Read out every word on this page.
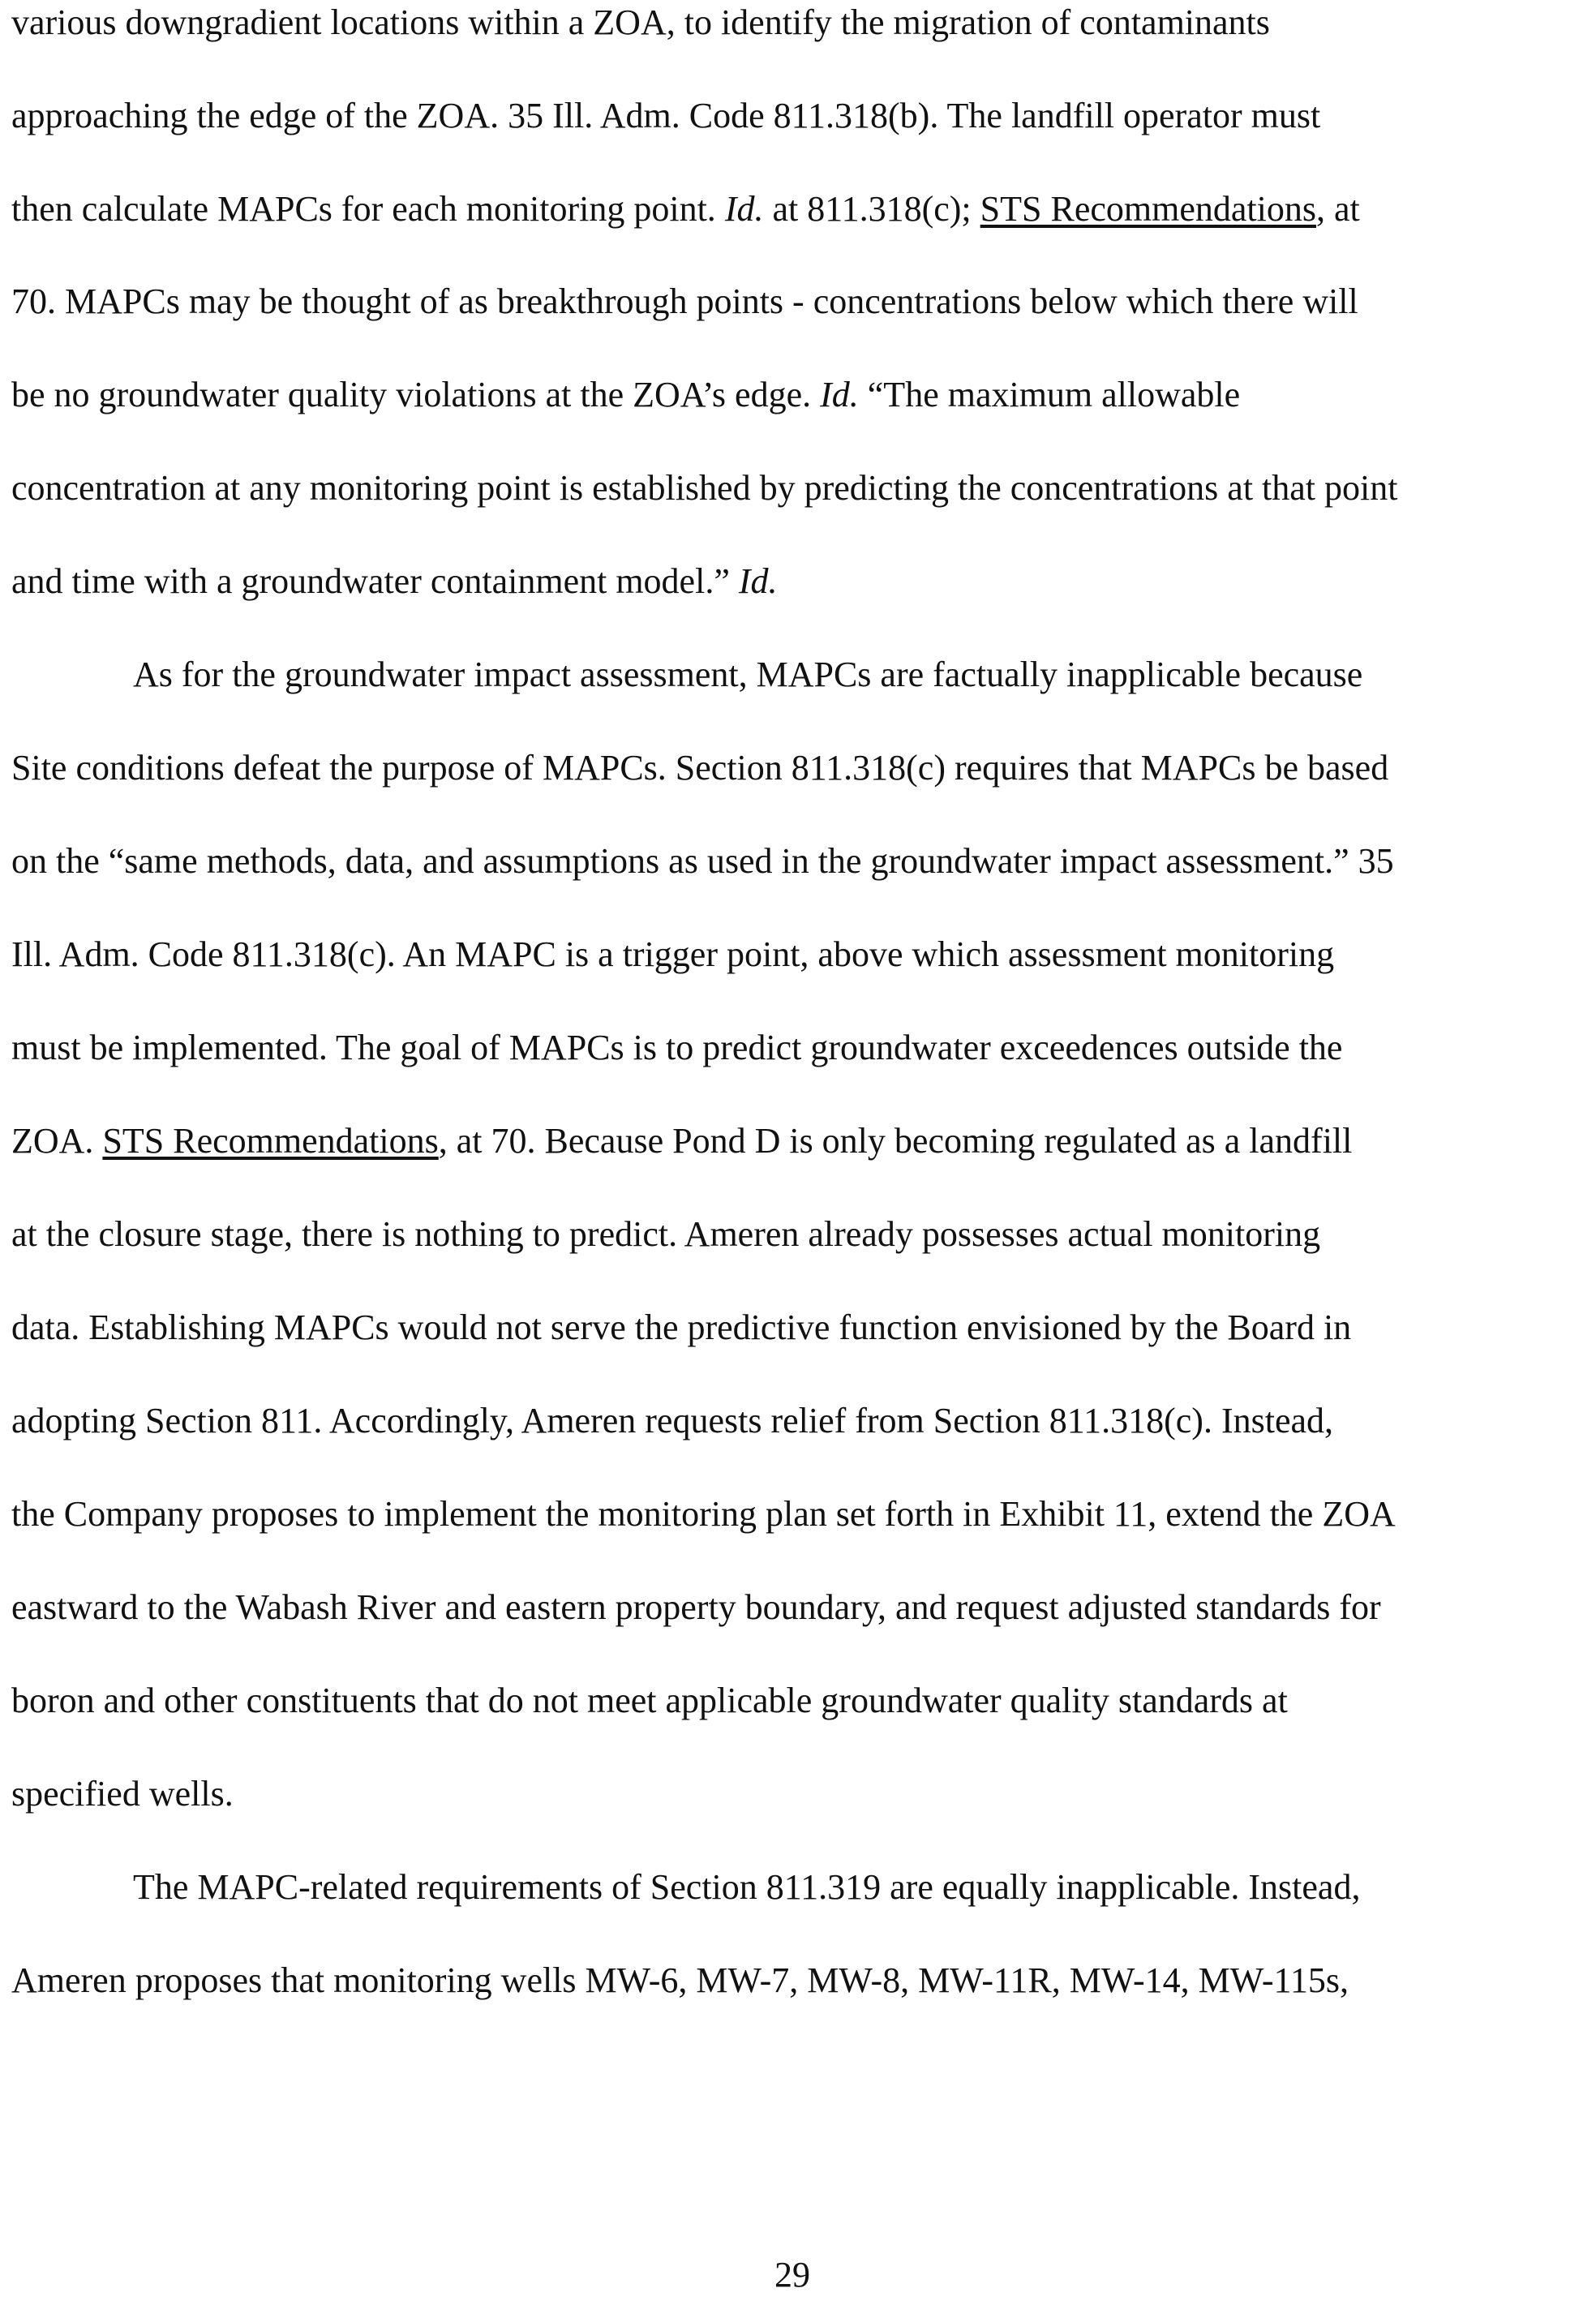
various downgradient locations within a ZOA, to identify the migration of contaminants
approaching the edge of the ZOA. 35 Ill. Adm. Code 811.318(b). The landfill operator must
then calculate MAPCs for each monitoring point. Id. at 811.318(c); STS Recommendations, at
70. MAPCs may be thought of as breakthrough points - concentrations below which there will
be no groundwater quality violations at the ZOA’s edge. Id. “The maximum allowable
concentration at any monitoring point is established by predicting the concentrations at that point
and time with a groundwater containment model.” Id.
As for the groundwater impact assessment, MAPCs are factually inapplicable because
Site conditions defeat the purpose of MAPCs. Section 811.318(c) requires that MAPCs be based
on the “same methods, data, and assumptions as used in the groundwater impact assessment.” 35
Ill. Adm. Code 811.318(c). An MAPC is a trigger point, above which assessment monitoring
must be implemented. The goal of MAPCs is to predict groundwater exceedences outside the
ZOA. STS Recommendations, at 70. Because Pond D is only becoming regulated as a landfill
at the closure stage, there is nothing to predict. Ameren already possesses actual monitoring
data. Establishing MAPCs would not serve the predictive function envisioned by the Board in
adopting Section 811. Accordingly, Ameren requests relief from Section 811.318(c). Instead,
the Company proposes to implement the monitoring plan set forth in Exhibit 11, extend the ZOA
eastward to the Wabash River and eastern property boundary, and request adjusted standards for
boron and other constituents that do not meet applicable groundwater quality standards at
specified wells.
The MAPC-related requirements of Section 811.319 are equally inapplicable. Instead,
Ameren proposes that monitoring wells MW-6, MW-7, MW-8, MW-11R, MW-14, MW-115s,
29
